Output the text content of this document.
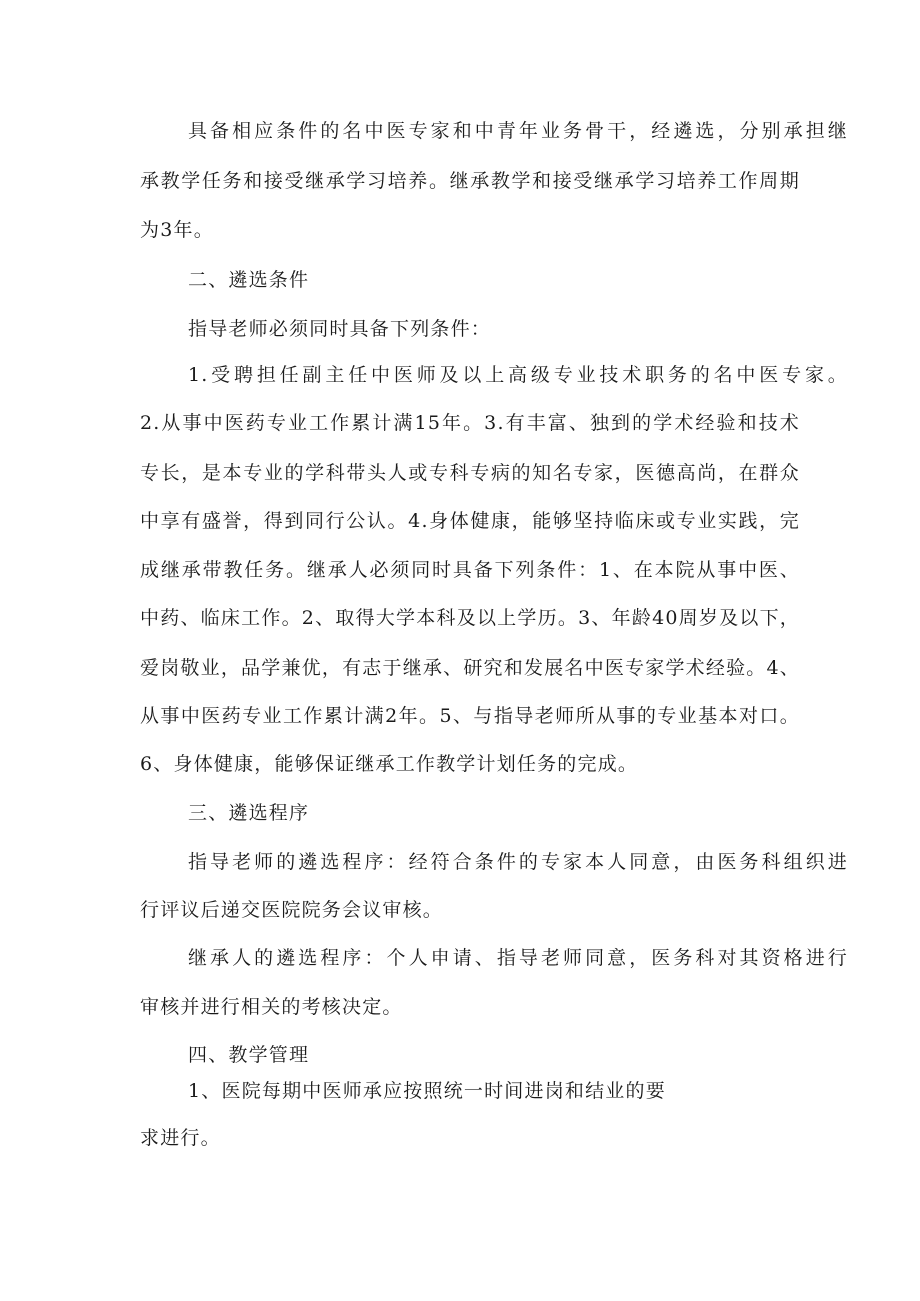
具备相应条件的名中医专家和中青年业务骨干，经遴选，分别承担继
承教学任务和接受继承学习培养。继承教学和接受继承学习培养工作周期
为3年。
二、遴选条件
指导老师必须同时具备下列条件：
1.受聘担任副主任中医师及以上高级专业技术职务的名中医专家。
2.从事中医药专业工作累计满15年。3.有丰富、独到的学术经验和技术
专长，是本专业的学科带头人或专科专病的知名专家，医德高尚，在群众
中享有盛誉，得到同行公认。4.身体健康，能够坚持临床或专业实践，完
成继承带教任务。继承人必须同时具备下列条件：1、在本院从事中医、
中药、临床工作。2、取得大学本科及以上学历。3、年龄40周岁及以下，
爱岗敬业，品学兼优，有志于继承、研究和发展名中医专家学术经验。4、
从事中医药专业工作累计满2年。5、与指导老师所从事的专业基本对口。
6、身体健康，能够保证继承工作教学计划任务的完成。
三、遴选程序
指导老师的遴选程序：经符合条件的专家本人同意，由医务科组织进
行评议后递交医院院务会议审核。
继承人的遴选程序：个人申请、指导老师同意，医务科对其资格进行
审核并进行相关的考核决定。
四、教学管理
1、医院每期中医师承应按照统一时间进岗和结业的要
求进行。
